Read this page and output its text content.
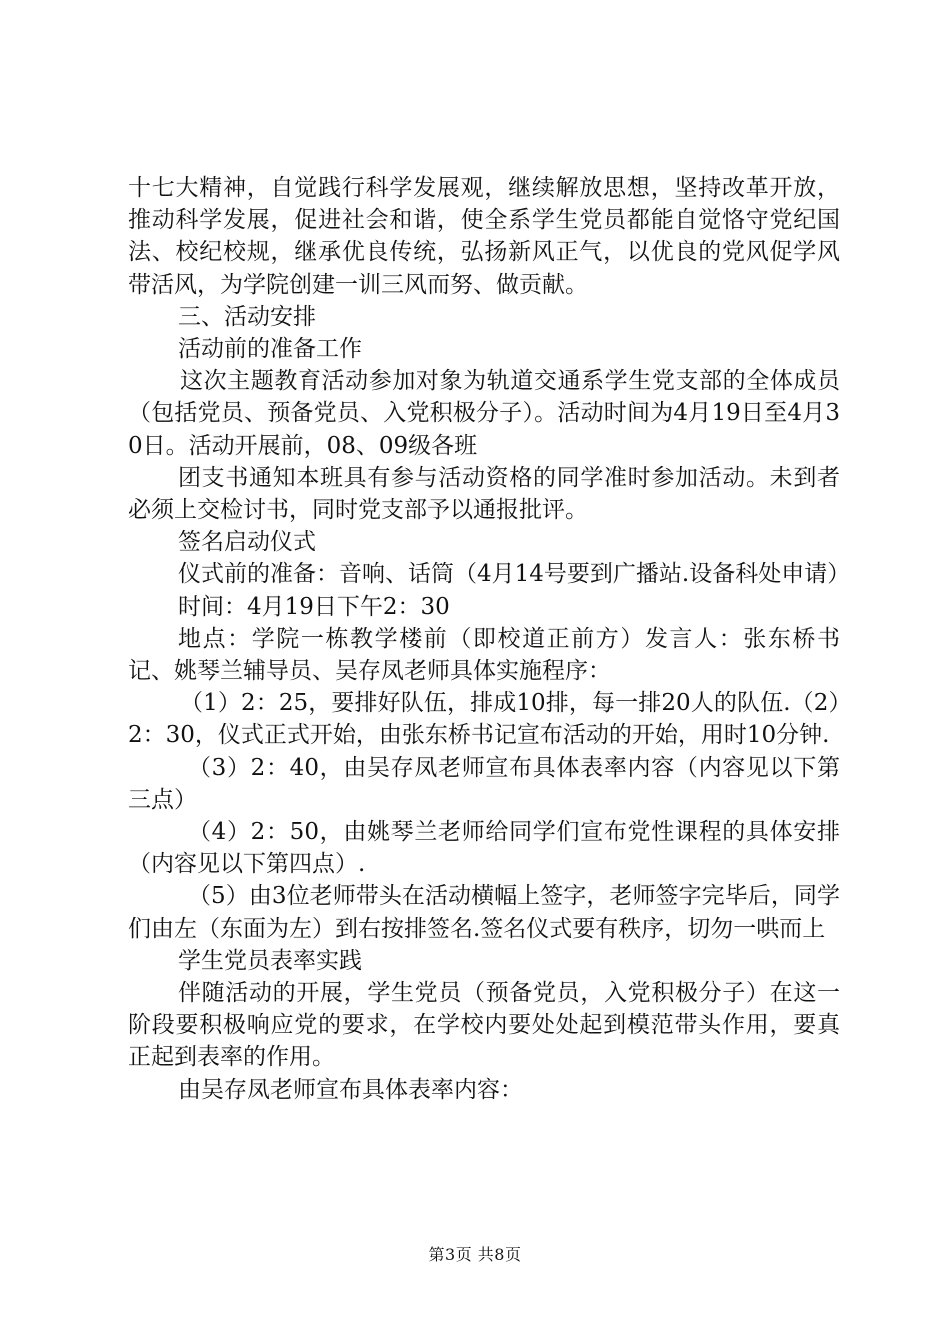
十七大精神，自觉践行科学发展观，继续解放思想，坚持改革开放，推动科学发展，促进社会和谐，使全系学生党员都能自觉恪守党纪国法、校纪校规，继承优良传统，弘扬新风正气，以优良的党风促学风带活风，为学院创建一训三风而努、做贡献。

三、活动安排

活动前的准备工作

这次主题教育活动参加对象为轨道交通系学生党支部的全体成员（包括党员、预备党员、入党积极分子）。活动时间为4月19日至4月30日。活动开展前，08、09级各班

团支书通知本班具有参与活动资格的同学准时参加活动。未到者必须上交检讨书，同时党支部予以通报批评。

签名启动仪式

仪式前的准备：音响、话筒（4月14号要到广播站.设备科处申请）

时间：4月19日下午2：30

地点：学院一栋教学楼前（即校道正前方）发言人：张东桥书记、姚琴兰辅导员、吴存凤老师具体实施程序：

（1）2：25，要排好队伍，排成10排，每一排20人的队伍.（2）2：30，仪式正式开始，由张东桥书记宣布活动的开始，用时10分钟.

（3）2：40，由吴存凤老师宣布具体表率内容（内容见以下第三点）

（4）2：50，由姚琴兰老师给同学们宣布党性课程的具体安排（内容见以下第四点）.

（5）由3位老师带头在活动横幅上签字，老师签字完毕后，同学们由左（东面为左）到右按排签名.签名仪式要有秩序，切勿一哄而上

学生党员表率实践

伴随活动的开展，学生党员（预备党员，入党积极分子）在这一阶段要积极响应党的要求，在学校内要处处起到模范带头作用，要真正起到表率的作用。

由吴存凤老师宣布具体表率内容：

第3页 共8页
